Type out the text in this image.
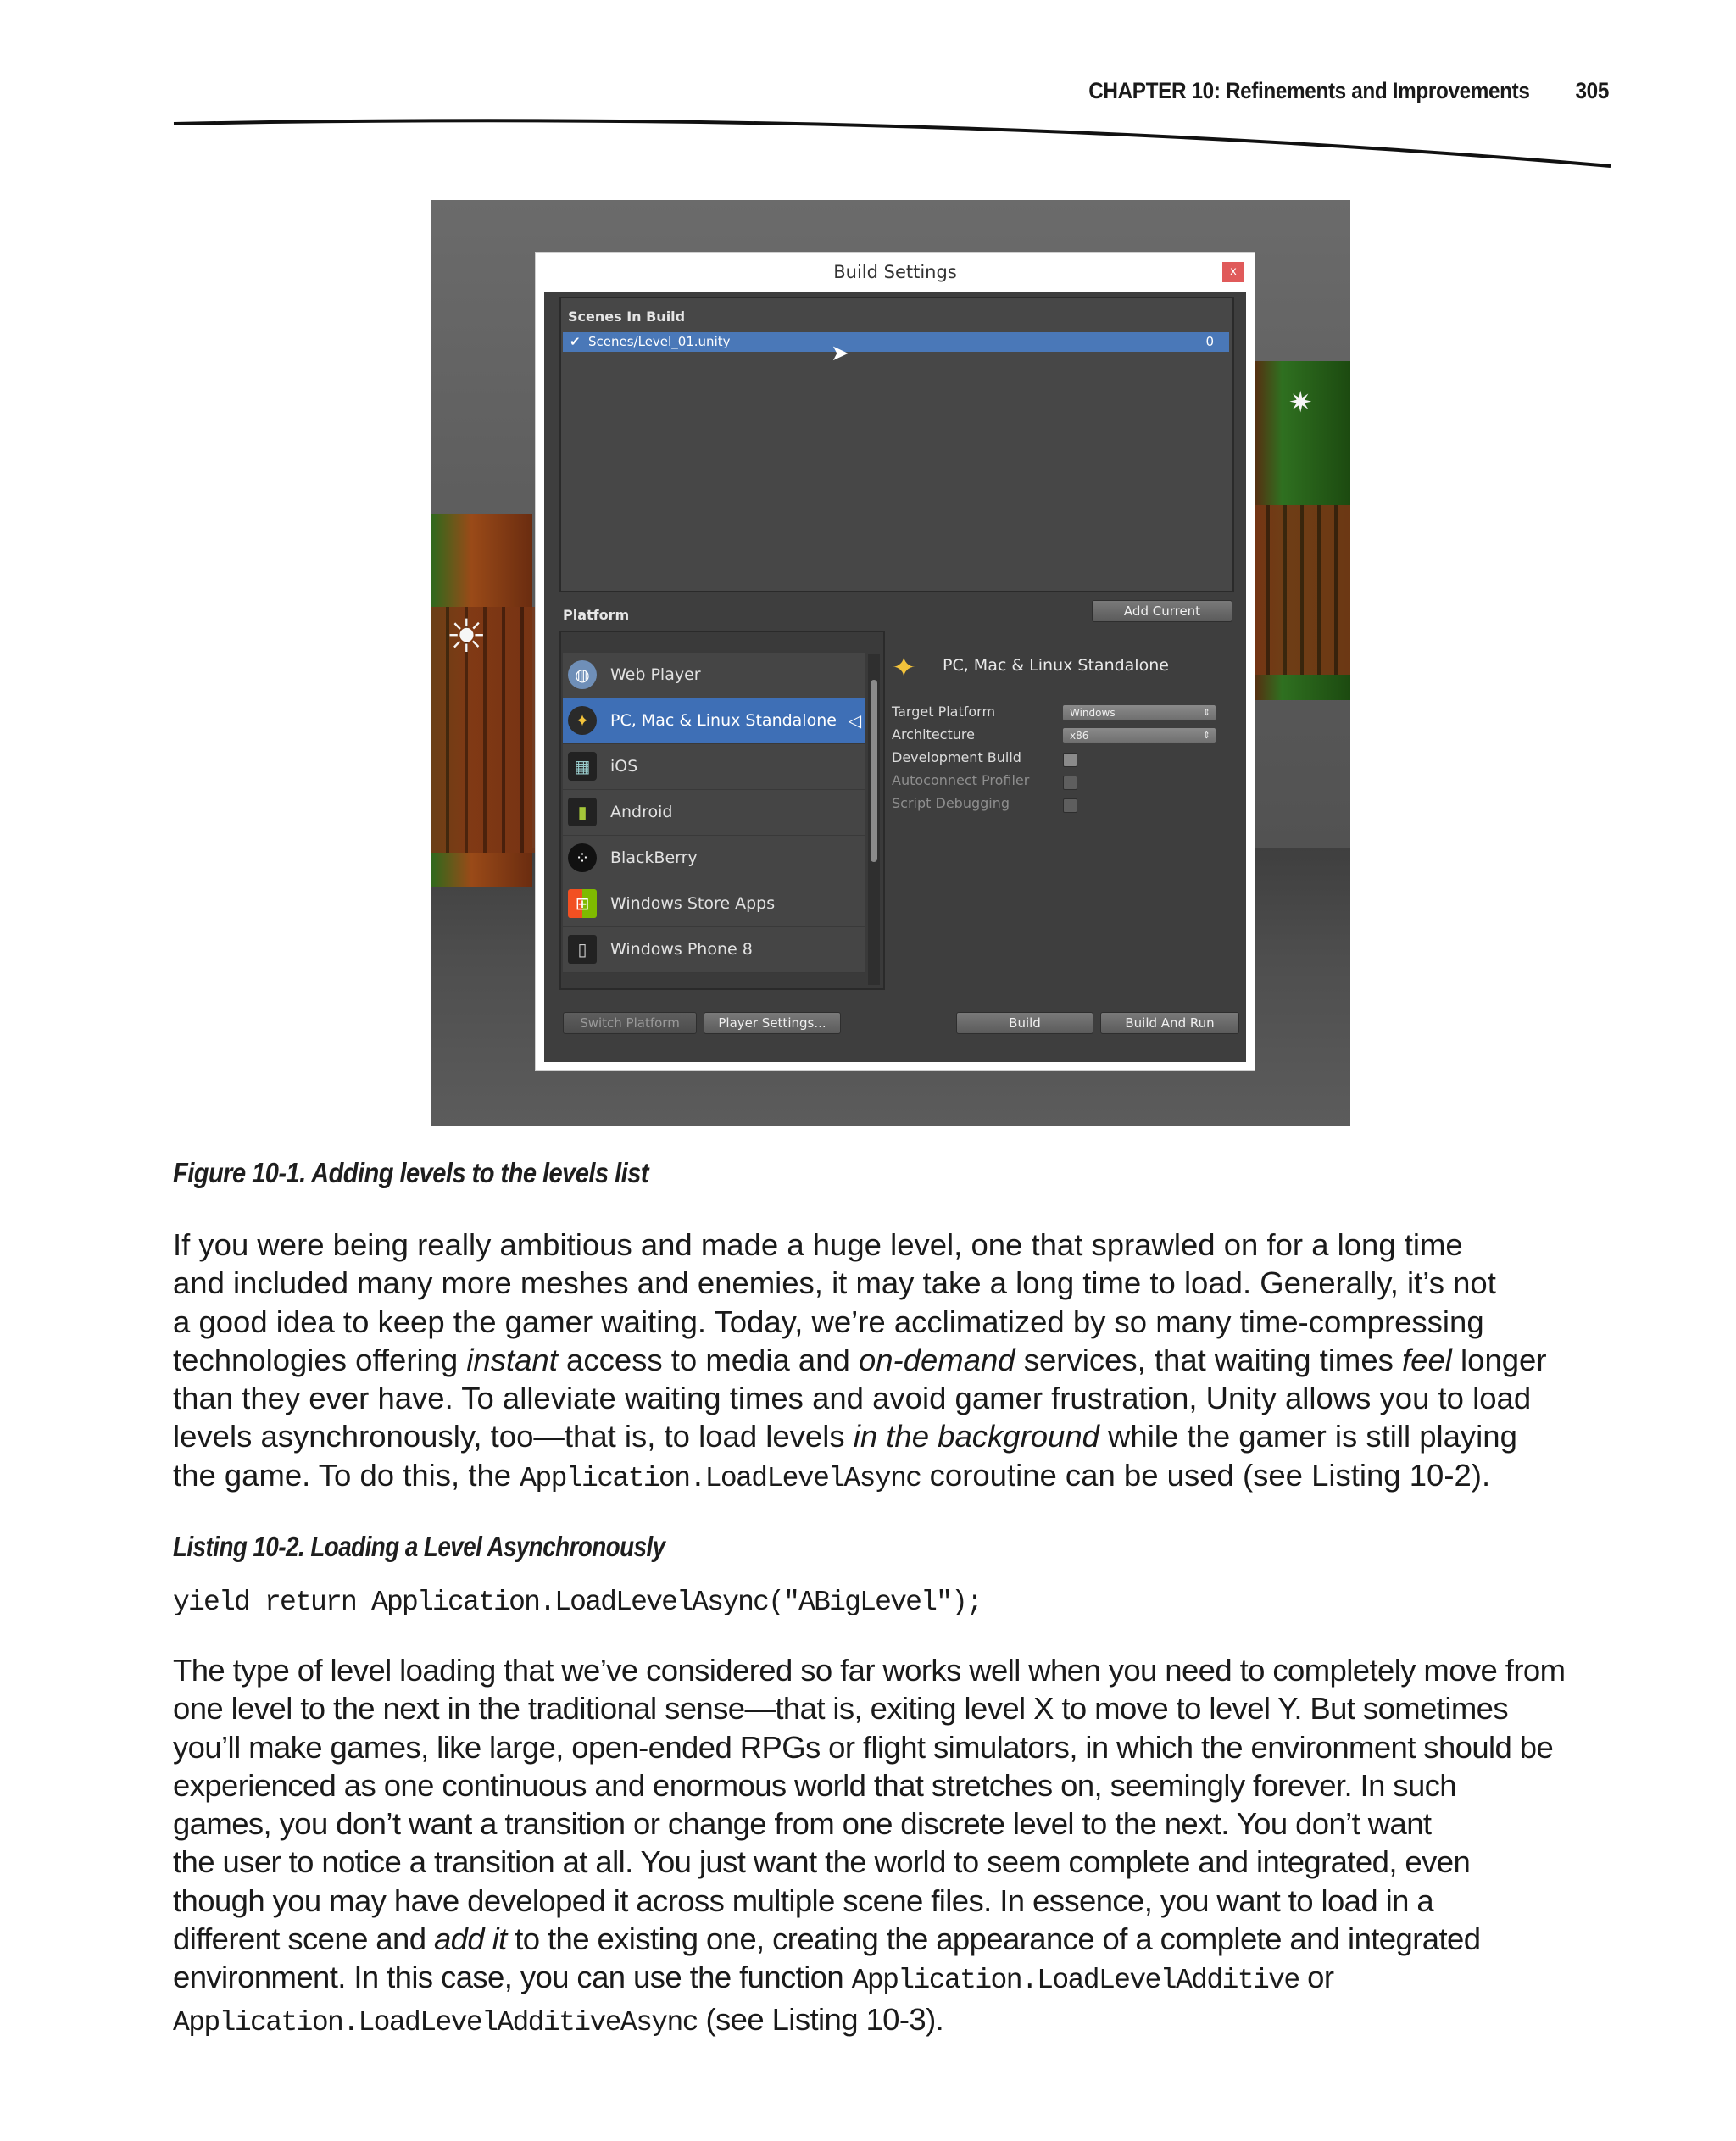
CHAPTER 10: Refinements and Improvements 305
☀
✷
Build Settings	x
Scenes In Build
✔ Scenes/Level_01.unity	0
➤
Add Current
Platform
◍	Web Player
✦	PC, Mac & Linux Standalone ◁
▦	iOS
▮	Android
⁘	BlackBerry
⊞	Windows Store Apps
▯	Windows Phone 8
✦ PC, Mac & Linux Standalone
Target Platform	Windows	⇕
Architecture	x86	⇕
Development Build
Autoconnect Profiler
Script Debugging
Switch Platform	Player Settings...	Build	Build And Run
Figure 10-1. Adding levels to the levels list
If you were being really ambitious and made a huge level, one that sprawled on for a long time
and included many more meshes and enemies, it may take a long time to load. Generally, it’s not
a good idea to keep the gamer waiting. Today, we’re acclimatized by so many time-compressing
technologies offering instant access to media and on-demand services, that waiting times feel longer
than they ever have. To alleviate waiting times and avoid gamer frustration, Unity allows you to load
levels asynchronously, too—that is, to load levels in the background while the gamer is still playing
the game. To do this, the Application.LoadLevelAsync coroutine can be used (see Listing 10-2).
Listing 10-2. Loading a Level Asynchronously
yield return Application.LoadLevelAsync("ABigLevel");
The type of level loading that we’ve considered so far works well when you need to completely move from
one level to the next in the traditional sense—that is, exiting level X to move to level Y. But sometimes
you’ll make games, like large, open-ended RPGs or flight simulators, in which the environment should be
experienced as one continuous and enormous world that stretches on, seemingly forever. In such
games, you don’t want a transition or change from one discrete level to the next. You don’t want
the user to notice a transition at all. You just want the world to seem complete and integrated, even
though you may have developed it across multiple scene files. In essence, you want to load in a
different scene and add it to the existing one, creating the appearance of a complete and integrated
environment. In this case, you can use the function Application.LoadLevelAdditive or
Application.LoadLevelAdditiveAsync (see Listing 10-3).
